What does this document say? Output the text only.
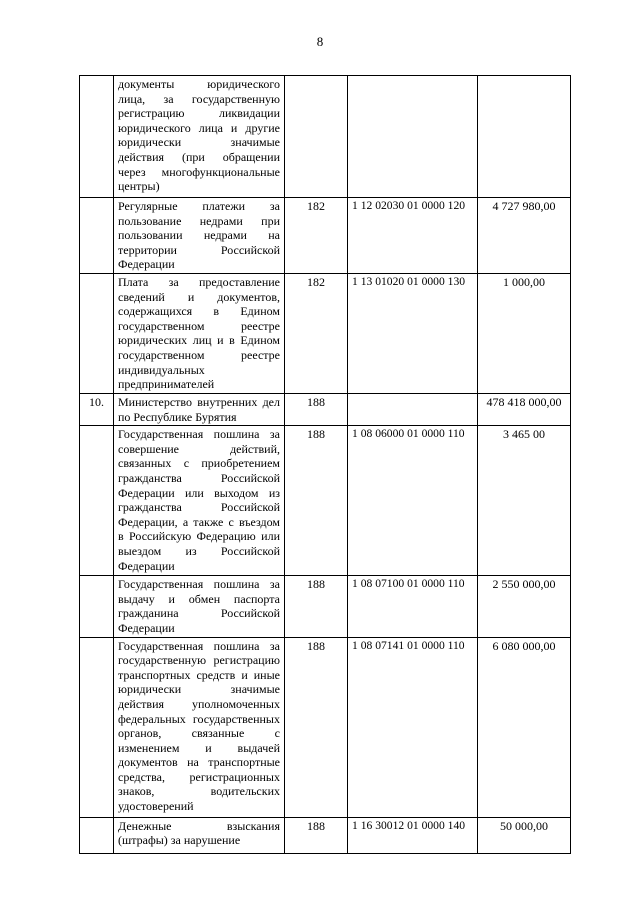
8
	документы юридического лица, за государственную регистрацию ликвидации юридического лица и другие юридически значимые действия (при обращении через многофункциональные центры)			
	Регулярные платежи за пользование недрами при пользовании недрами на территории Российской Федерации	182	1 12 02030 01 0000 120	4 727 980,00
	Плата за предоставление сведений и документов, содержащихся в Едином государственном реестре юридических лиц и в Едином государственном реестре индивидуальных предпринимателей	182	1 13 01020 01 0000 130	1 000,00
10.	Министерство внутренних дел по Республике Бурятия	188		478 418 000,00
	Государственная пошлина за совершение действий, связанных с приобретением гражданства Российской Федерации или выходом из гражданства Российской Федерации, а также с въездом в Российскую Федерацию или выездом из Российской Федерации	188	1 08 06000 01 0000 110	3 465 00
	Государственная пошлина за выдачу и обмен паспорта гражданина Российской Федерации	188	1 08 07100 01 0000 110	2 550 000,00
	Государственная пошлина за государственную регистрацию транспортных средств и иные юридически значимые действия уполномоченных федеральных государственных органов, связанные с изменением и выдачей документов на транспортные средства, регистрационных знаков, водительских удостоверений	188	1 08 07141 01 0000 110	6 080 000,00
	Денежные взыскания (штрафы) за нарушение	188	1 16 30012 01 0000 140	50 000,00
